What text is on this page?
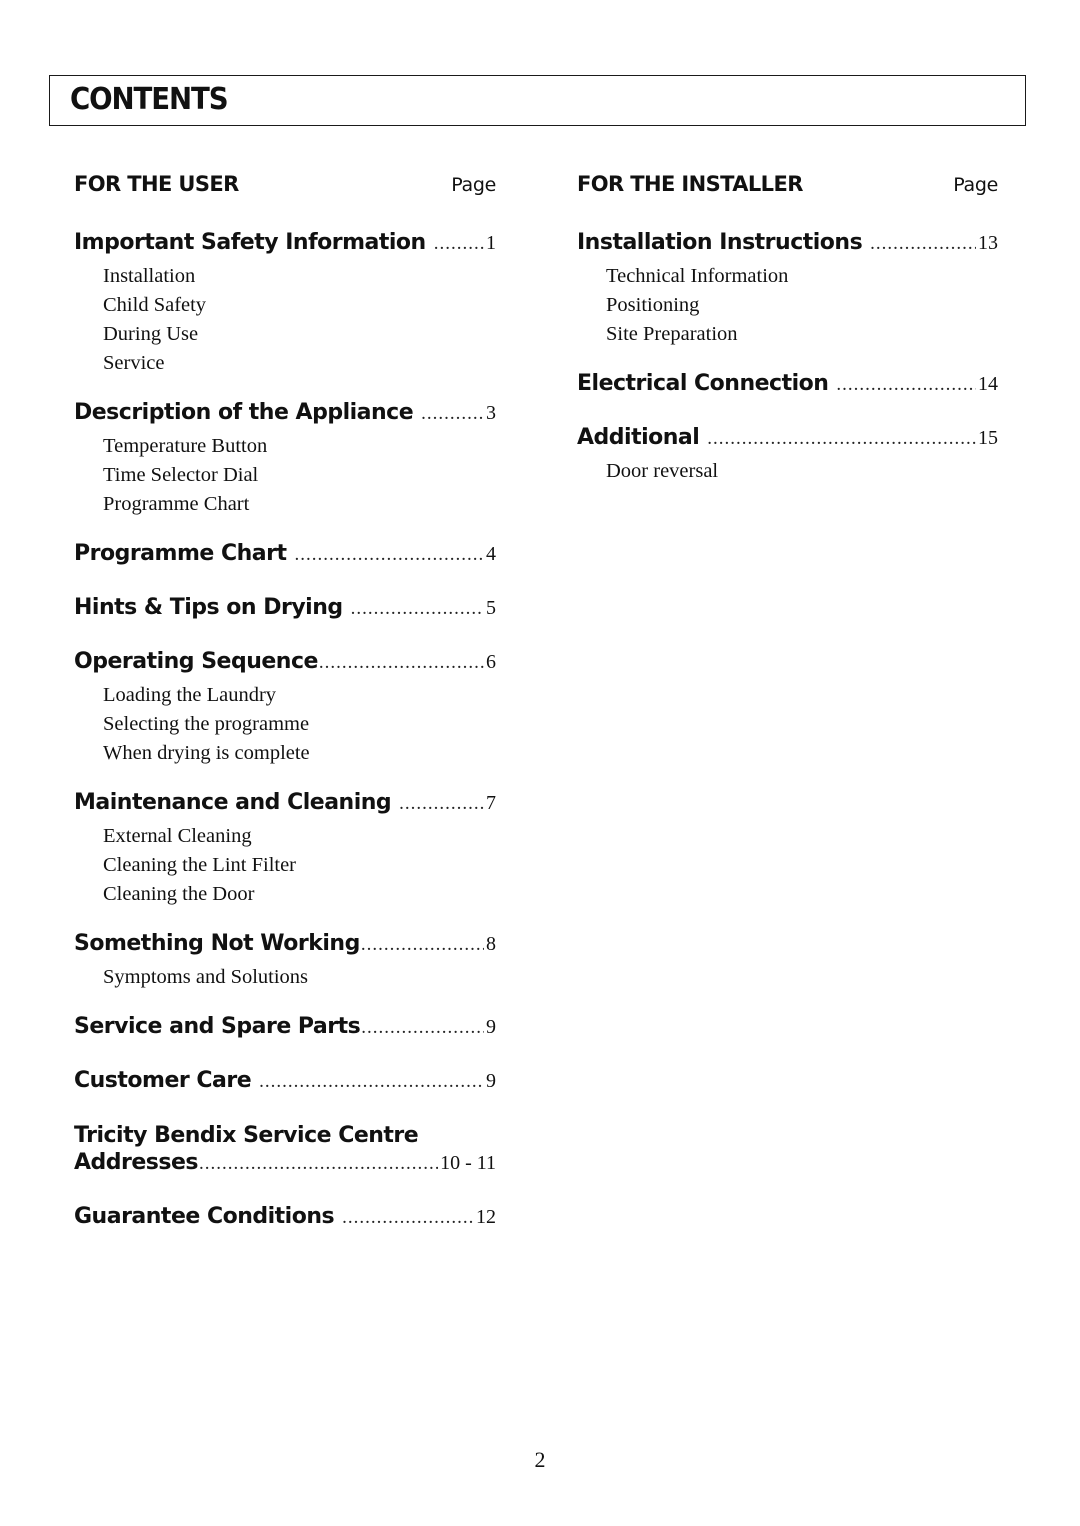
CONTENTS
FOR THE USER	Page
Important Safety Information .....	1
Installation
Child Safety
During Use
Service
Description of the Appliance .....	3
Temperature Button
Time Selector Dial
Programme Chart
Programme Chart .....	4
Hints & Tips on Drying .....	5
Operating Sequence .....	6
Loading the Laundry
Selecting the programme
When drying is complete
Maintenance and Cleaning .....	7
External Cleaning
Cleaning the Lint Filter
Cleaning the Door
Something Not Working .....	8
Symptoms and Solutions
Service and Spare Parts .....	9
Customer Care .....	9
Tricity Bendix Service Centre
Addresses .....	10 - 11
Guarantee Conditions .....	12
FOR THE INSTALLER	Page
Installation Instructions .....	13
Technical Information
Positioning
Site Preparation
Electrical Connection .....	14
Additional .....	15
Door reversal
2
